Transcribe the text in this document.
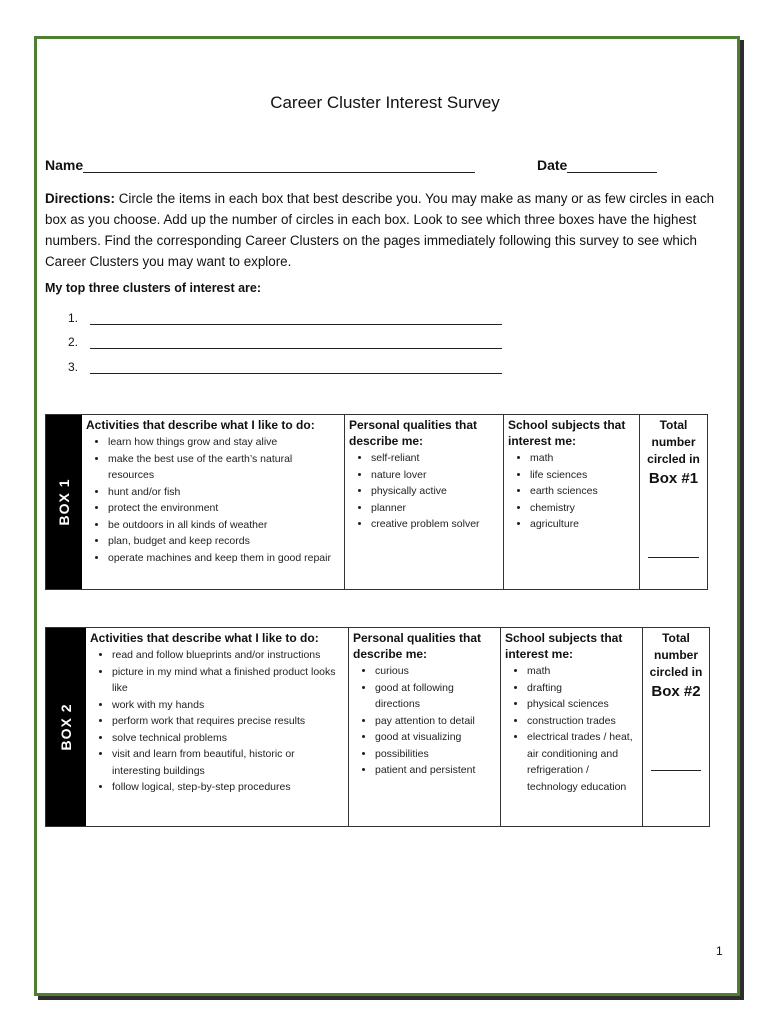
Career Cluster Interest Survey
Name	Date
Directions: Circle the items in each box that best describe you. You may make as many or as few circles in each box as you choose. Add up the number of circles in each box. Look to see which three boxes have the highest numbers. Find the corresponding Career Clusters on the pages immediately following this survey to see which Career Clusters you may want to explore.
My top three clusters of interest are:
1.
2.
3.
BOX 1
Activities that describe what I like to do:
• learn how things grow and stay alive
• make the best use of the earth’s natural resources
• hunt and/or fish
• protect the environment
• be outdoors in all kinds of weather
• plan, budget and keep records
• operate machines and keep them in good repair
Personal qualities that describe me:
• self-reliant
• nature lover
• physically active
• planner
• creative problem solver
School subjects that interest me:
• math
• life sciences
• earth sciences
• chemistry
• agriculture
Total
number
circled in
Box #1
BOX 2
Activities that describe what I like to do:
• read and follow blueprints and/or instructions
• picture in my mind what a finished product looks like
• work with my hands
• perform work that requires precise results
• solve technical problems
• visit and learn from beautiful, historic or interesting buildings
• follow logical, step-by-step procedures
Personal qualities that describe me:
• curious
• good at following directions
• pay attention to detail
• good at visualizing
• possibilities
• patient and persistent
School subjects that interest me:
• math
• drafting
• physical sciences
• construction trades
• electrical trades / heat, air conditioning and refrigeration / technology education
Total
number
circled in
Box #2
1
